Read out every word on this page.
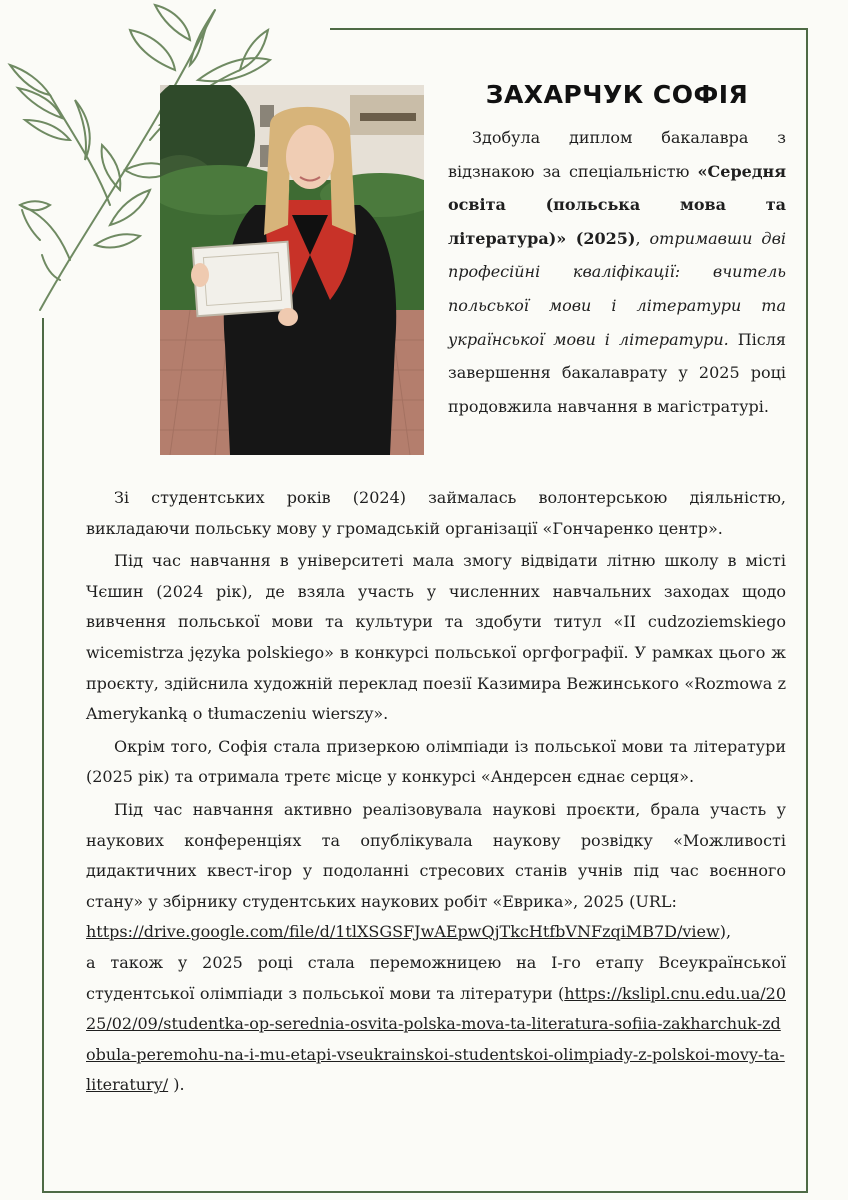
ЗАХАРЧУК СОФІЯ
Здобула диплом бакалавра з відзнакою за спеціальністю «Середня освіта (польська мова та література)» (2025), отримавши дві професійні кваліфікації: вчитель польської мови і літератури та української мови і літератури. Після завершення бакалаврату у 2025 році продовжила навчання в магістратурі.

Зі студентських років (2024) займалась волонтерською діяльністю, викладаючи польську мову у громадській організації «Гончаренко центр».

Під час навчання в університеті мала змогу відвідати літню школу в місті Чєшин (2024 рік), де взяла участь у численних навчальних заходах щодо вивчення польської мови та культури та здобути титул «II cudzoziemskiego wicemistrza języka polskiego» в конкурсі польської оргфографії. У рамках цього ж проєкту, здійснила художній переклад поезії Казимира Вежинського «Rozmowa z Amerykanką o tłumaczeniu wierszy».

Окрім того, Софія стала призеркою олімпіади із польської мови та літератури (2025 рік) та отримала третє місце у конкурсі «Андерсен єднає серця».

Під час навчання активно реалізовувала наукові проєкти, брала участь у наукових конференціях та опублікувала наукову розвідку «Можливості дидактичних квест-ігор у подоланні стресових станів учнів під час воєнного стану» у збірнику студентських наукових робіт «Еврика», 2025 (URL:
https://drive.google.com/file/d/1tlXSGSFJwAEpwQjTkcHtfbVNFzqiMB7D/view),
а також у 2025 році стала переможницею на I-го етапу Всеукраїнської студентської олімпіади з польської мови та літератури (https://kslipl.cnu.edu.ua/2025/02/09/studentka-op-serednia-osvita-polska-mova-ta-literatura-sofiia-zakharchuk-zdobula-peremohu-na-i-mu-etapi-vseukrainskoi-studentskoi-olimpiady-z-polskoi-movy-ta-literatury/ ).
